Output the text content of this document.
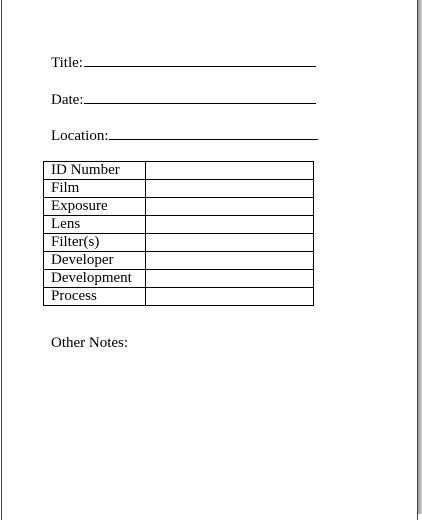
Title:
Date:
Location:
ID Number	
Film	
Exposure	
Lens	
Filter(s)	
Developer	
Development	
Process	
Other Notes:
